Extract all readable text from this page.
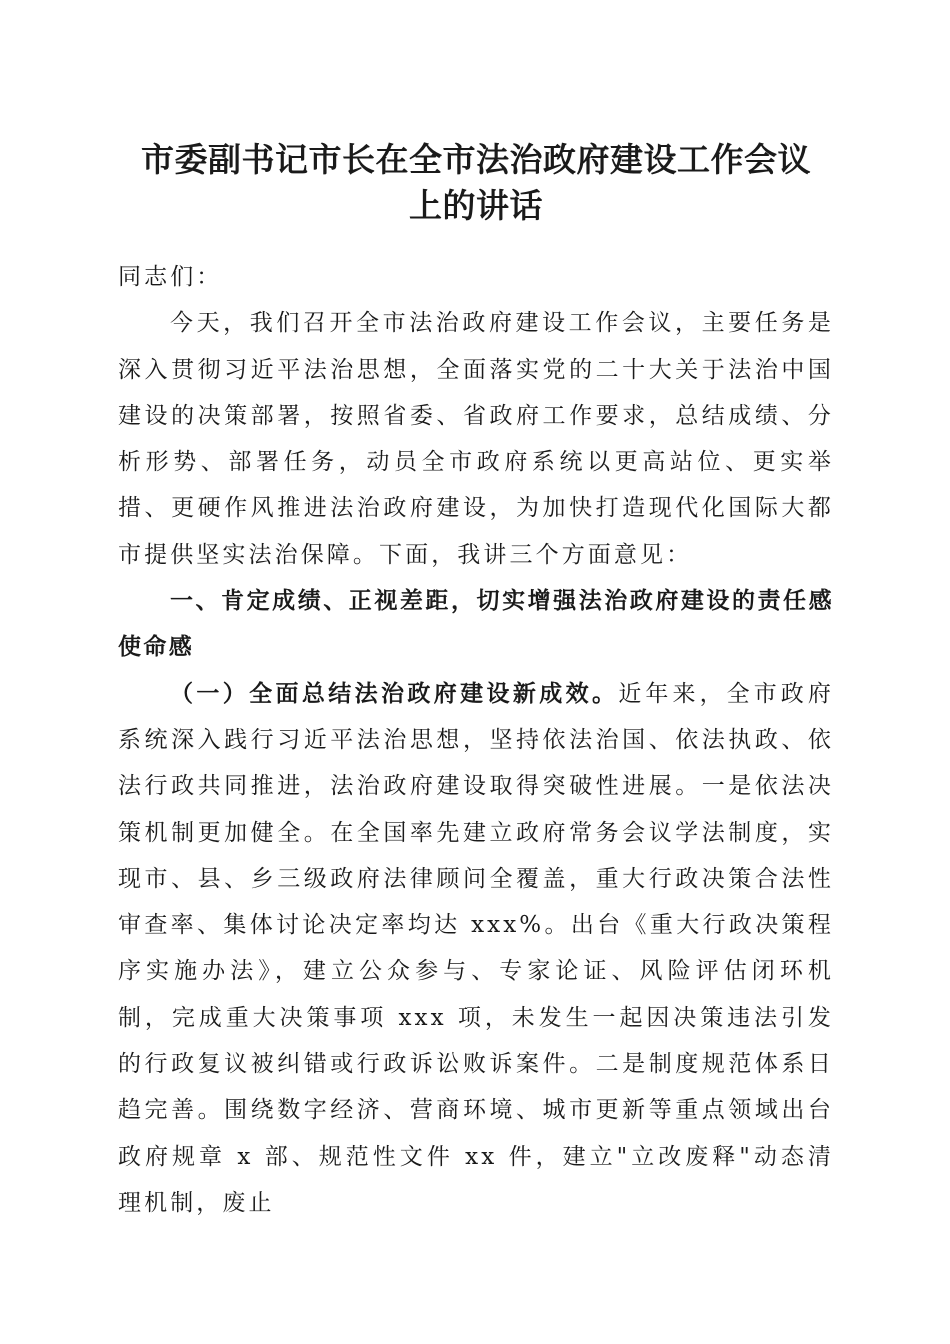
市委副书记市长在全市法治政府建设工作会议
上的讲话

同志们：

今天，我们召开全市法治政府建设工作会议，主要任务是深入贯彻习近平法治思想，全面落实党的二十大关于法治中国建设的决策部署，按照省委、省政府工作要求，总结成绩、分析形势、部署任务，动员全市政府系统以更高站位、更实举措、更硬作风推进法治政府建设，为加快打造现代化国际大都市提供坚实法治保障。下面，我讲三个方面意见：

一、肯定成绩、正视差距，切实增强法治政府建设的责任感使命感

（一）全面总结法治政府建设新成效。近年来，全市政府系统深入践行习近平法治思想，坚持依法治国、依法执政、依法行政共同推进，法治政府建设取得突破性进展。一是依法决策机制更加健全。在全国率先建立政府常务会议学法制度，实现市、县、乡三级政府法律顾问全覆盖，重大行政决策合法性审查率、集体讨论决定率均达 xxx%。出台《重大行政决策程序实施办法》，建立公众参与、专家论证、风险评估闭环机制，完成重大决策事项 xxx 项，未发生一起因决策违法引发的行政复议被纠错或行政诉讼败诉案件。二是制度规范体系日趋完善。围绕数字经济、营商环境、城市更新等重点领域出台政府规章 x 部、规范性文件 xx 件，建立"立改废释"动态清理机制，废止
